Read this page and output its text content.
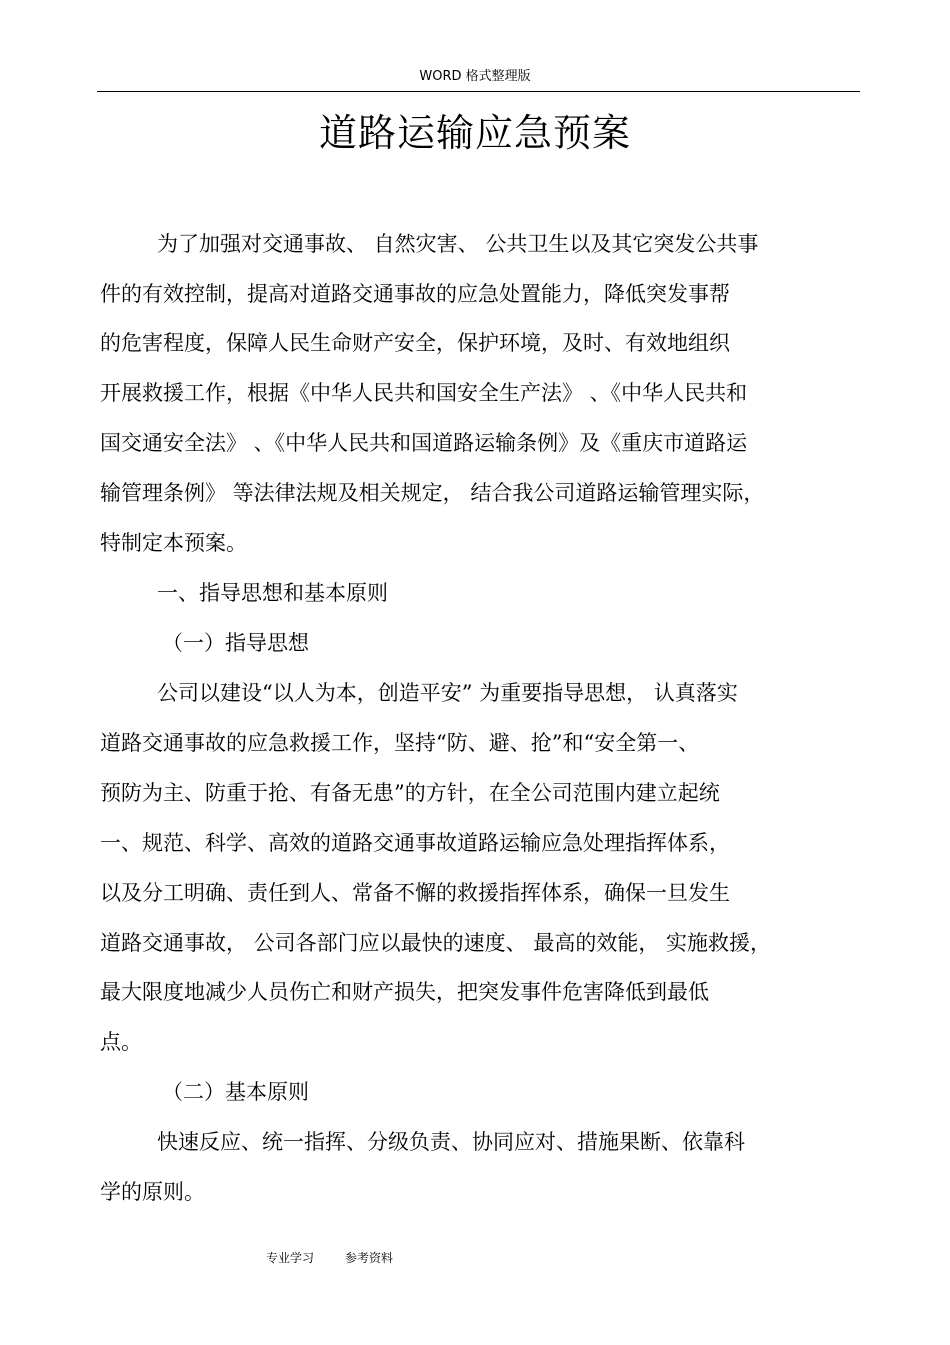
WORD 格式整理版
道路运输应急预案
为了加强对交通事故、 自然灾害、 公共卫生以及其它突发公共事
件的有效控制，提高对道路交通事故的应急处置能力，降低突发事帮
的危害程度，保障人民生命财产安全，保护环境，及时、有效地组织
开展救援工作，根据《中华人民共和国安全生产法》 、《中华人民共和
国交通安全法》 、《中华人民共和国道路运输条例》及《重庆市道路运
输管理条例》 等法律法规及相关规定， 结合我公司道路运输管理实际，
特制定本预案。
一、指导思想和基本原则
（一）指导思想
公司以建设“以人为本，创造平安” 为重要指导思想， 认真落实
道路交通事故的应急救援工作，坚持“防、避、抢”和“安全第一、
预防为主、防重于抢、有备无患”的方针，在全公司范围内建立起统
一、规范、科学、高效的道路交通事故道路运输应急处理指挥体系，
以及分工明确、责任到人、常备不懈的救援指挥体系，确保一旦发生
道路交通事故， 公司各部门应以最快的速度、 最高的效能， 实施救援，
最大限度地减少人员伤亡和财产损失，把突发事件危害降低到最低
点。
（二）基本原则
快速反应、统一指挥、分级负责、协同应对、措施果断、依靠科
学的原则。
专业学习	参考资料
